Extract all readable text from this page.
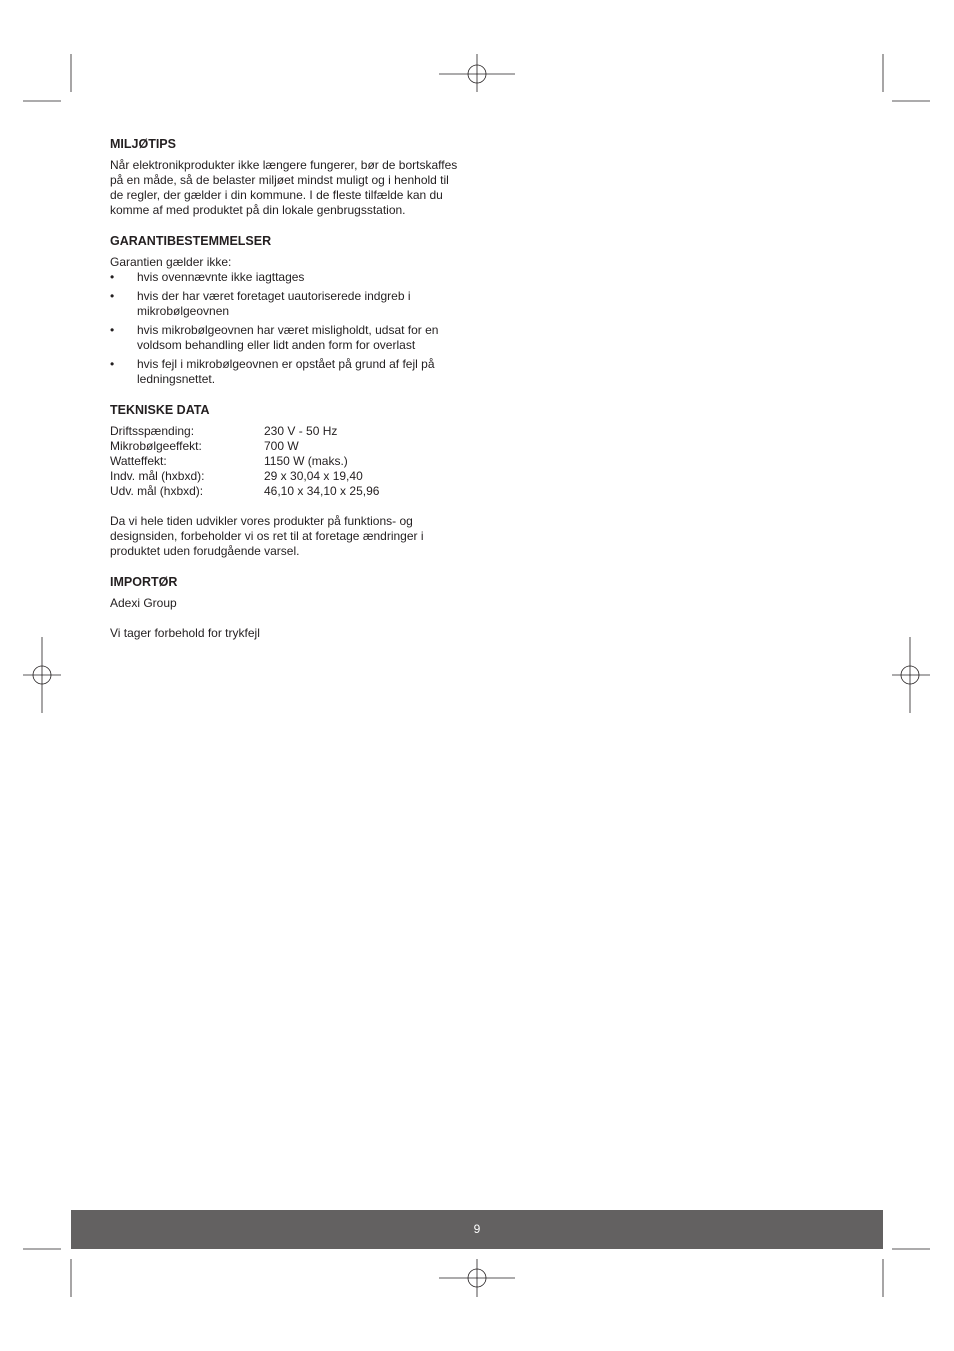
MILJØTIPS

Når elektronikprodukter ikke længere fungerer, bør de bortskaffes
på en måde, så de belaster miljøet mindst muligt og i henhold til
de regler, der gælder i din kommune. I de fleste tilfælde kan du
komme af med produktet på din lokale genbrugsstation.

GARANTIBESTEMMELSER

Garantien gælder ikke:

• hvis ovennævnte ikke iagttages
• hvis der har været foretaget uautoriserede indgreb i
mikrobølgeovnen
• hvis mikrobølgeovnen har været misligholdt, udsat for en
voldsom behandling eller lidt anden form for overlast
• hvis fejl i mikrobølgeovnen er opstået på grund af fejl på
ledningsnettet.
TEKNISKE DATA
Driftsspænding:	230 V - 50 Hz
Mikrobølgeeffekt:	700 W
Watteffekt:	1150 W (maks.)
Indv. mål (hxbxd):	29 x 30,04 x 19,40
Udv. mål (hxbxd):	46,10 x 34,10 x 25,96

Da vi hele tiden udvikler vores produkter på funktions- og
designsiden, forbeholder vi os ret til at foretage ændringer i
produktet uden forudgående varsel.

IMPORTØR

Adexi Group

Vi tager forbehold for trykfejl

9
